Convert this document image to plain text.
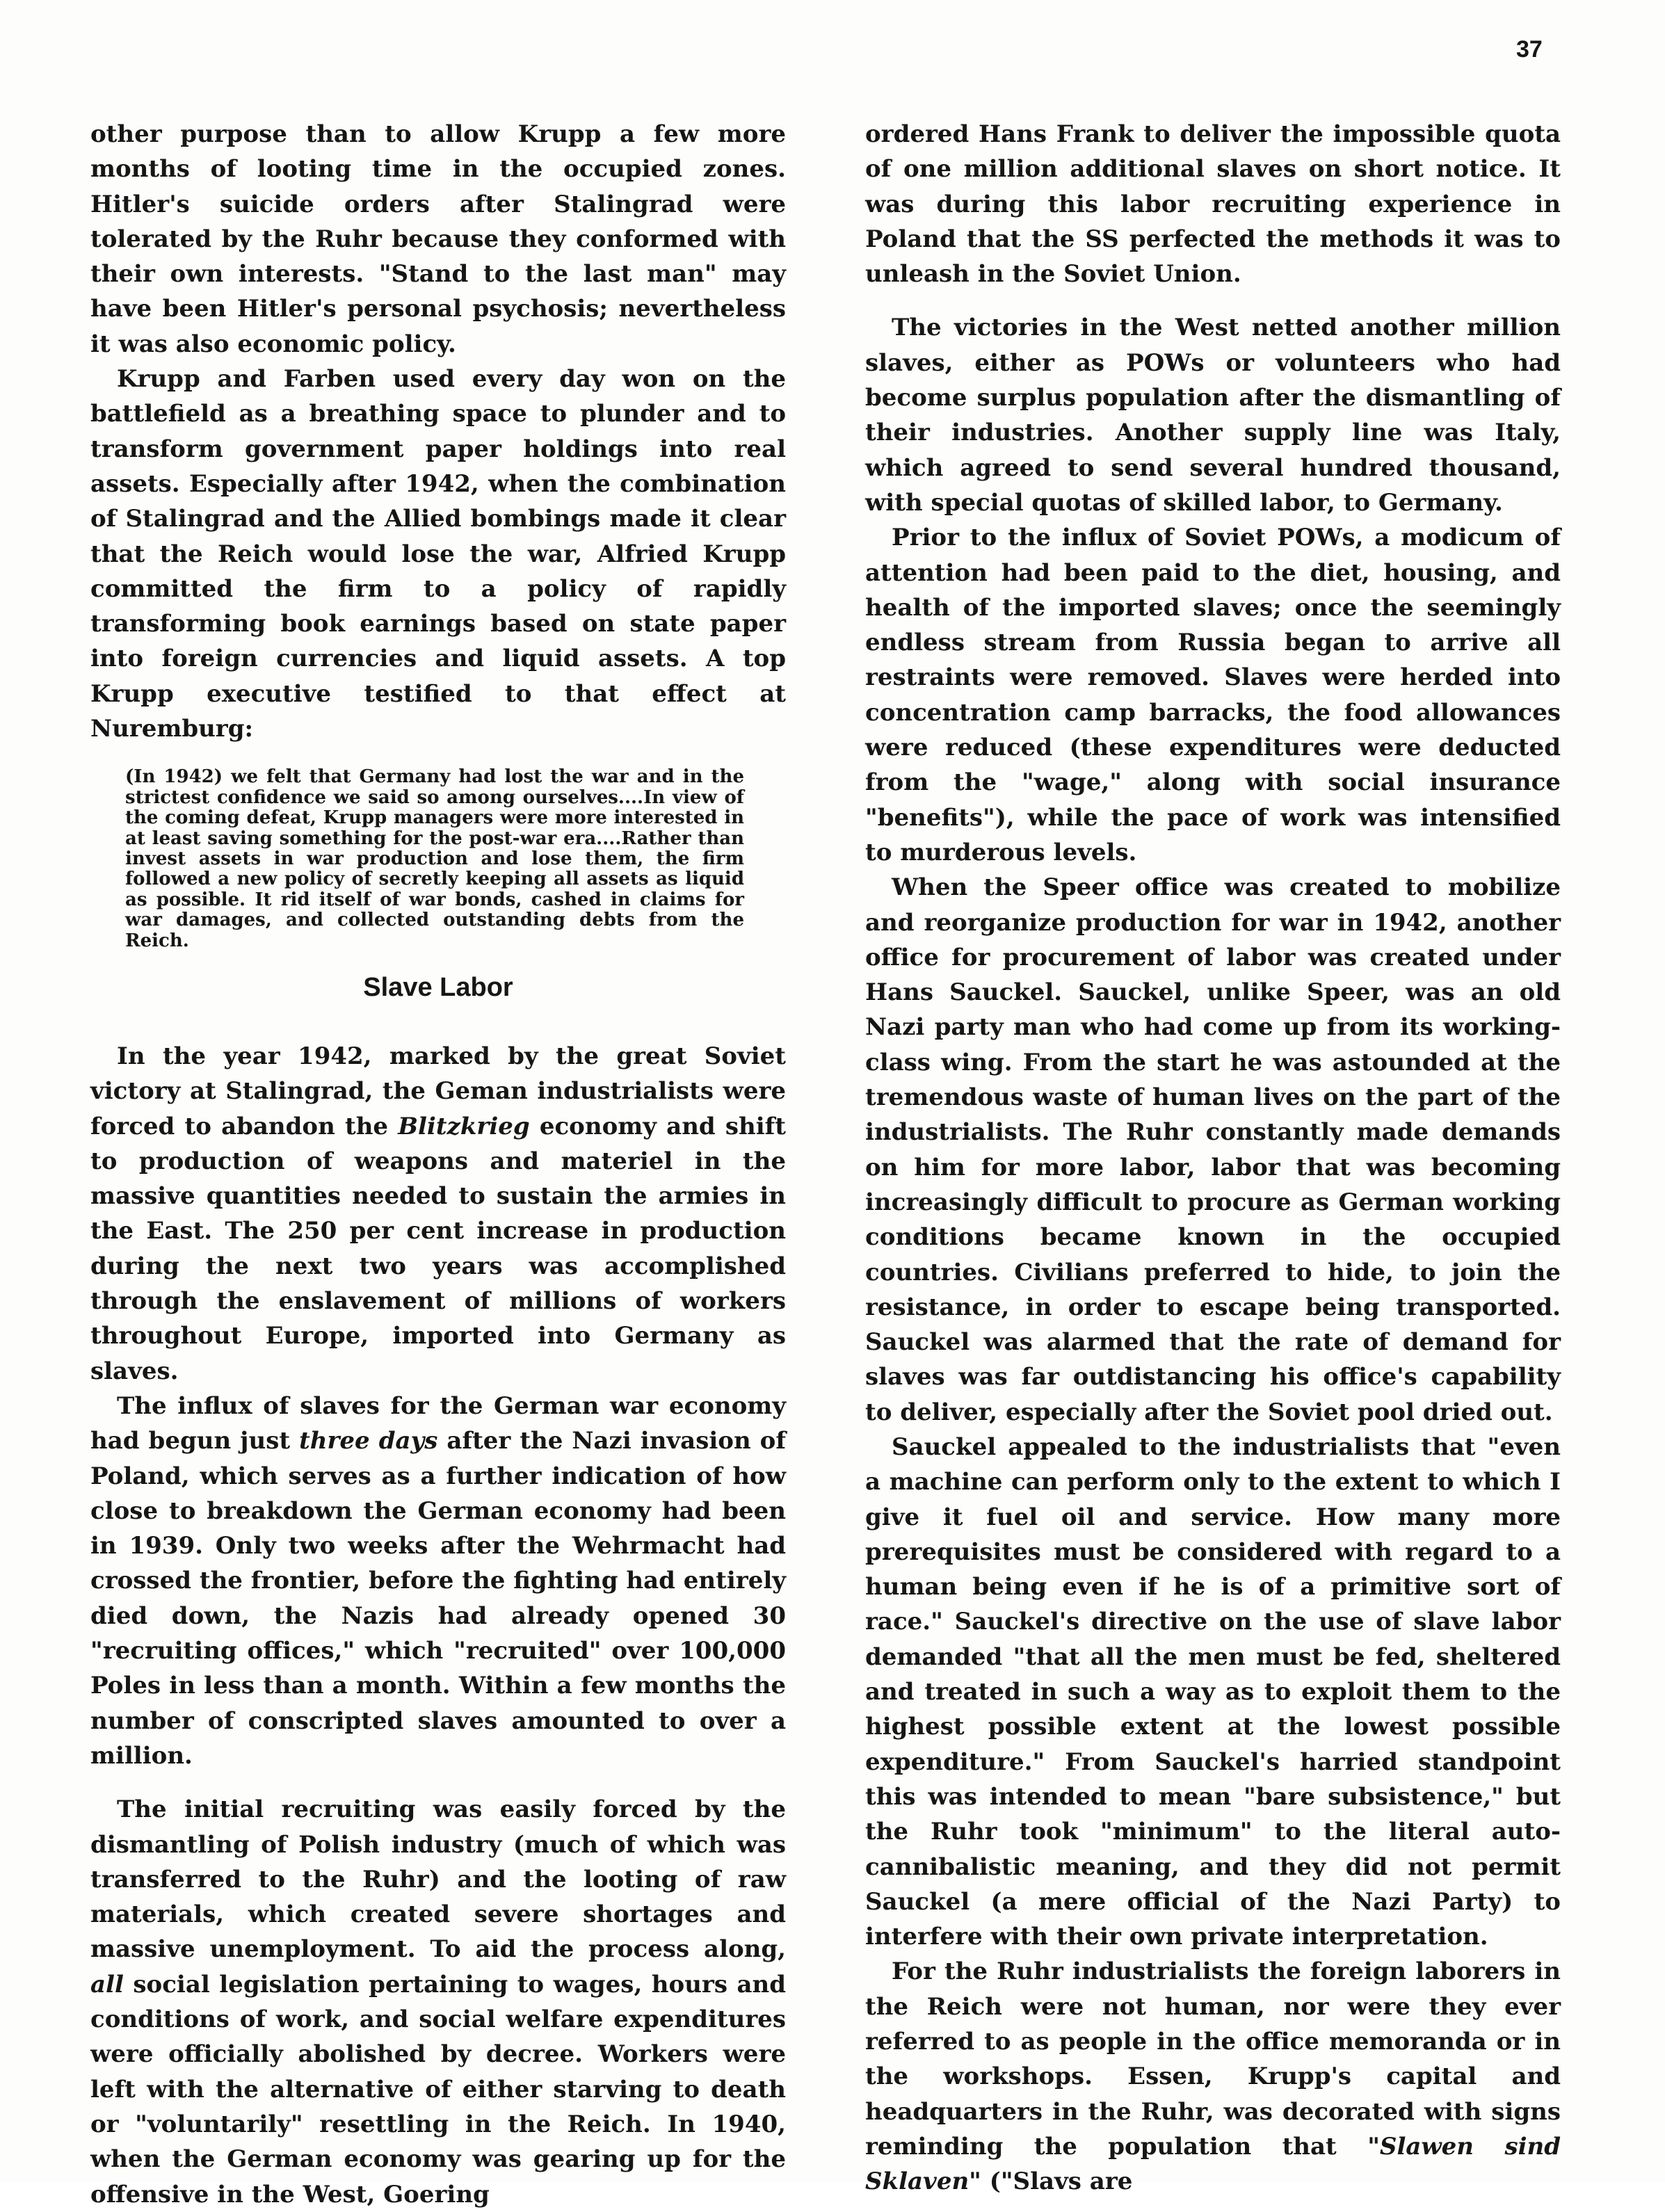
37

other purpose than to allow Krupp a few more months of looting time in the occupied zones. Hitler's suicide orders after Stalingrad were tolerated by the Ruhr because they conformed with their own interests. "Stand to the last man" may have been Hitler's personal psychosis; nevertheless it was also economic policy.

Krupp and Farben used every day won on the battlefield as a breathing space to plunder and to transform government paper holdings into real assets. Especially after 1942, when the combination of Stalingrad and the Allied bombings made it clear that the Reich would lose the war, Alfried Krupp committed the firm to a policy of rapidly transforming book earnings based on state paper into foreign currencies and liquid assets. A top Krupp executive testified to that effect at Nuremburg:

(In 1942) we felt that Germany had lost the war and in the strictest confidence we said so among ourselves....In view of the coming defeat, Krupp managers were more interested in at least saving something for the post-war era....Rather than invest assets in war production and lose them, the firm followed a new policy of secretly keeping all assets as liquid as possible. It rid itself of war bonds, cashed in claims for war damages, and collected outstanding debts from the Reich.
Slave Labor

In the year 1942, marked by the great Soviet victory at Stalingrad, the Geman industrialists were forced to abandon the Blitzkrieg economy and shift to production of weapons and materiel in the massive quantities needed to sustain the armies in the East. The 250 per cent increase in production during the next two years was accomplished through the enslavement of millions of workers throughout Europe, imported into Germany as slaves.

The influx of slaves for the German war economy had begun just three days after the Nazi invasion of Poland, which serves as a further indication of how close to breakdown the German economy had been in 1939. Only two weeks after the Wehrmacht had crossed the frontier, before the fighting had entirely died down, the Nazis had already opened 30 "recruiting offices," which "recruited" over 100,000 Poles in less than a month. Within a few months the number of conscripted slaves amounted to over a million.

The initial recruiting was easily forced by the dismantling of Polish industry (much of which was transferred to the Ruhr) and the looting of raw materials, which created severe shortages and massive unemployment. To aid the process along, all social legislation pertaining to wages, hours and conditions of work, and social welfare expenditures were officially abolished by decree. Workers were left with the alternative of either starving to death or "voluntarily" resettling in the Reich. In 1940, when the German economy was gearing up for the offensive in the West, Goering

ordered Hans Frank to deliver the impossible quota of one million additional slaves on short notice. It was during this labor recruiting experience in Poland that the SS perfected the methods it was to unleash in the Soviet Union.

The victories in the West netted another million slaves, either as POWs or volunteers who had become surplus population after the dismantling of their industries. Another supply line was Italy, which agreed to send several hundred thousand, with special quotas of skilled labor, to Germany.

Prior to the influx of Soviet POWs, a modicum of attention had been paid to the diet, housing, and health of the imported slaves; once the seemingly endless stream from Russia began to arrive all restraints were removed. Slaves were herded into concentration camp barracks, the food allowances were reduced (these expenditures were deducted from the "wage," along with social insurance "benefits"), while the pace of work was intensified to murderous levels.

When the Speer office was created to mobilize and reorganize production for war in 1942, another office for procurement of labor was created under Hans Sauckel. Sauckel, unlike Speer, was an old Nazi party man who had come up from its working-class wing. From the start he was astounded at the tremendous waste of human lives on the part of the industrialists. The Ruhr constantly made demands on him for more labor, labor that was becoming increasingly difficult to procure as German working conditions became known in the occupied countries. Civilians preferred to hide, to join the resistance, in order to escape being transported. Sauckel was alarmed that the rate of demand for slaves was far outdistancing his office's capability to deliver, especially after the Soviet pool dried out.

Sauckel appealed to the industrialists that "even a machine can perform only to the extent to which I give it fuel oil and service. How many more prerequisites must be considered with regard to a human being even if he is of a primitive sort of race." Sauckel's directive on the use of slave labor demanded "that all the men must be fed, sheltered and treated in such a way as to exploit them to the highest possible extent at the lowest possible expenditure." From Sauckel's harried standpoint this was intended to mean "bare subsistence," but the Ruhr took "minimum" to the literal auto-cannibalistic meaning, and they did not permit Sauckel (a mere official of the Nazi Party) to interfere with their own private interpretation.

For the Ruhr industrialists the foreign laborers in the Reich were not human, nor were they ever referred to as people in the office memoranda or in the workshops. Essen, Krupp's capital and headquarters in the Ruhr, was decorated with signs reminding the population that "Slawen sind Sklaven" ("Slavs are
